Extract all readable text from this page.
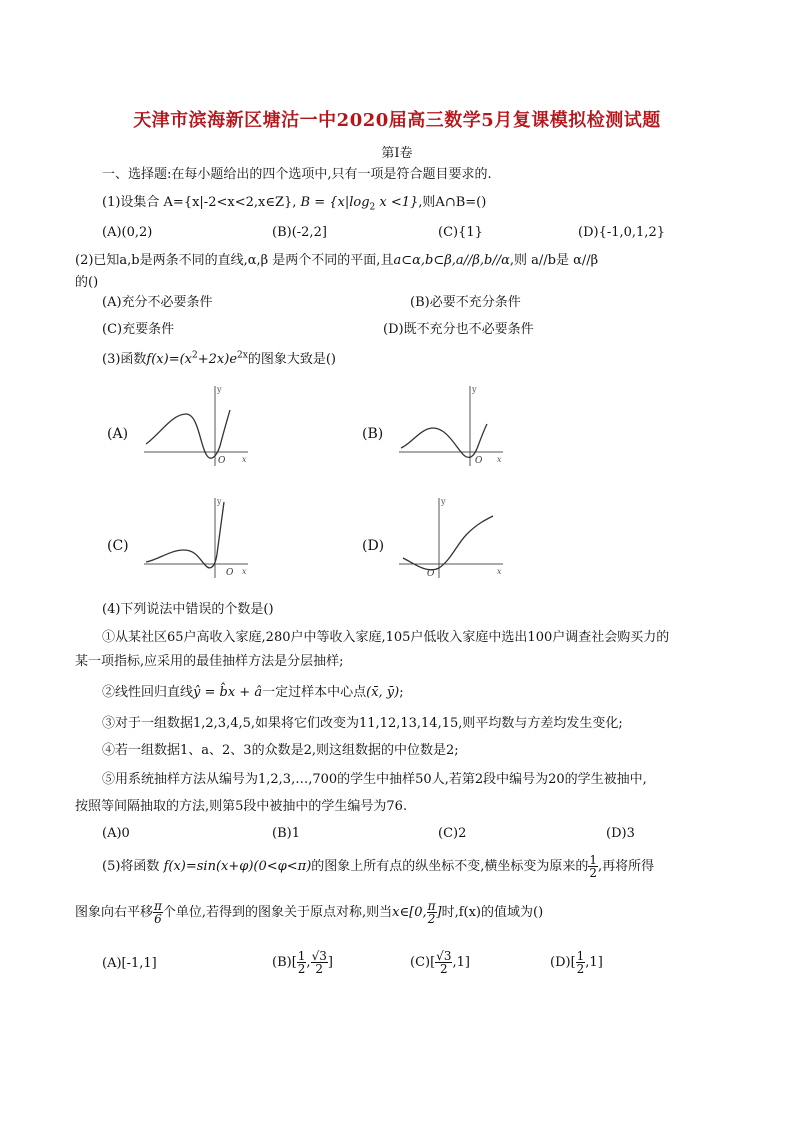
天津市滨海新区塘沽一中2020届高三数学5月复课模拟检测试题
第Ⅰ卷
一、选择题:在每小题给出的四个选项中,只有一项是符合题目要求的.
(1)设集合 A={x|-2<x<2,x∈Z}, $B = \{x|\log_2$ x <1},则A∩B=()
(A)(0,2)	(B)(-2,2]	(C){1}	(D){-1,0,1,2}
(2)已知a,b是两条不同的直线,α,β 是两个不同的平面,且a⊂α,b⊂β,a//β,b//α,则 a//b是 α//β
的()
(A)充分不必要条件	(B)必要不充分条件
(C)充要条件	(D)既不充分也不必要条件
(3)函数$f(x)=(x^2+2x)e^{2x}$的图象大致是()
(A)
y
x
O
(B)
y
x
O
(C)
y
x
O
(D)
y
x
O
(4)下列说法中错误的个数是()
①从某社区65户高收入家庭,280户中等收入家庭,105户低收入家庭中选出100户调查社会购买力的
某一项指标,应采用的最佳抽样方法是分层抽样;
②线性回归直线ŷ = b̂x + â一定过样本中心点(x̄, ȳ);
③对于一组数据1,2,3,4,5,如果将它们改变为11,12,13,14,15,则平均数与方差均发生变化;
④若一组数据1、a、2、3的众数是2,则这组数据的中位数是2;
⑤用系统抽样方法从编号为1,2,3,…,700的学生中抽样50人,若第2段中编号为20的学生被抽中,
按照等间隔抽取的方法,则第5段中被抽中的学生编号为76.
(A)0	(B)1	(C)2	(D)3
(5)将函数 f(x)=sin(x+φ)(0<φ<π)的图象上所有点的纵坐标不变,横坐标变为原来的 $\frac{1}{2}$ ,再将所得
图象向右平移 $\frac{\pi}{6}$ 个单位,若得到的图象关于原点对称,则当x∈[0, $\frac{\pi}{2}$ ]时,f(x)的值域为()
(A)[-1,1]	$(B)[ \frac{1}{2}$ , $\frac{√3}{2}$ ]	$(C)[ \frac{√3}{2} ,1]$	$(D)[ \frac{1}{2} ,1]$
